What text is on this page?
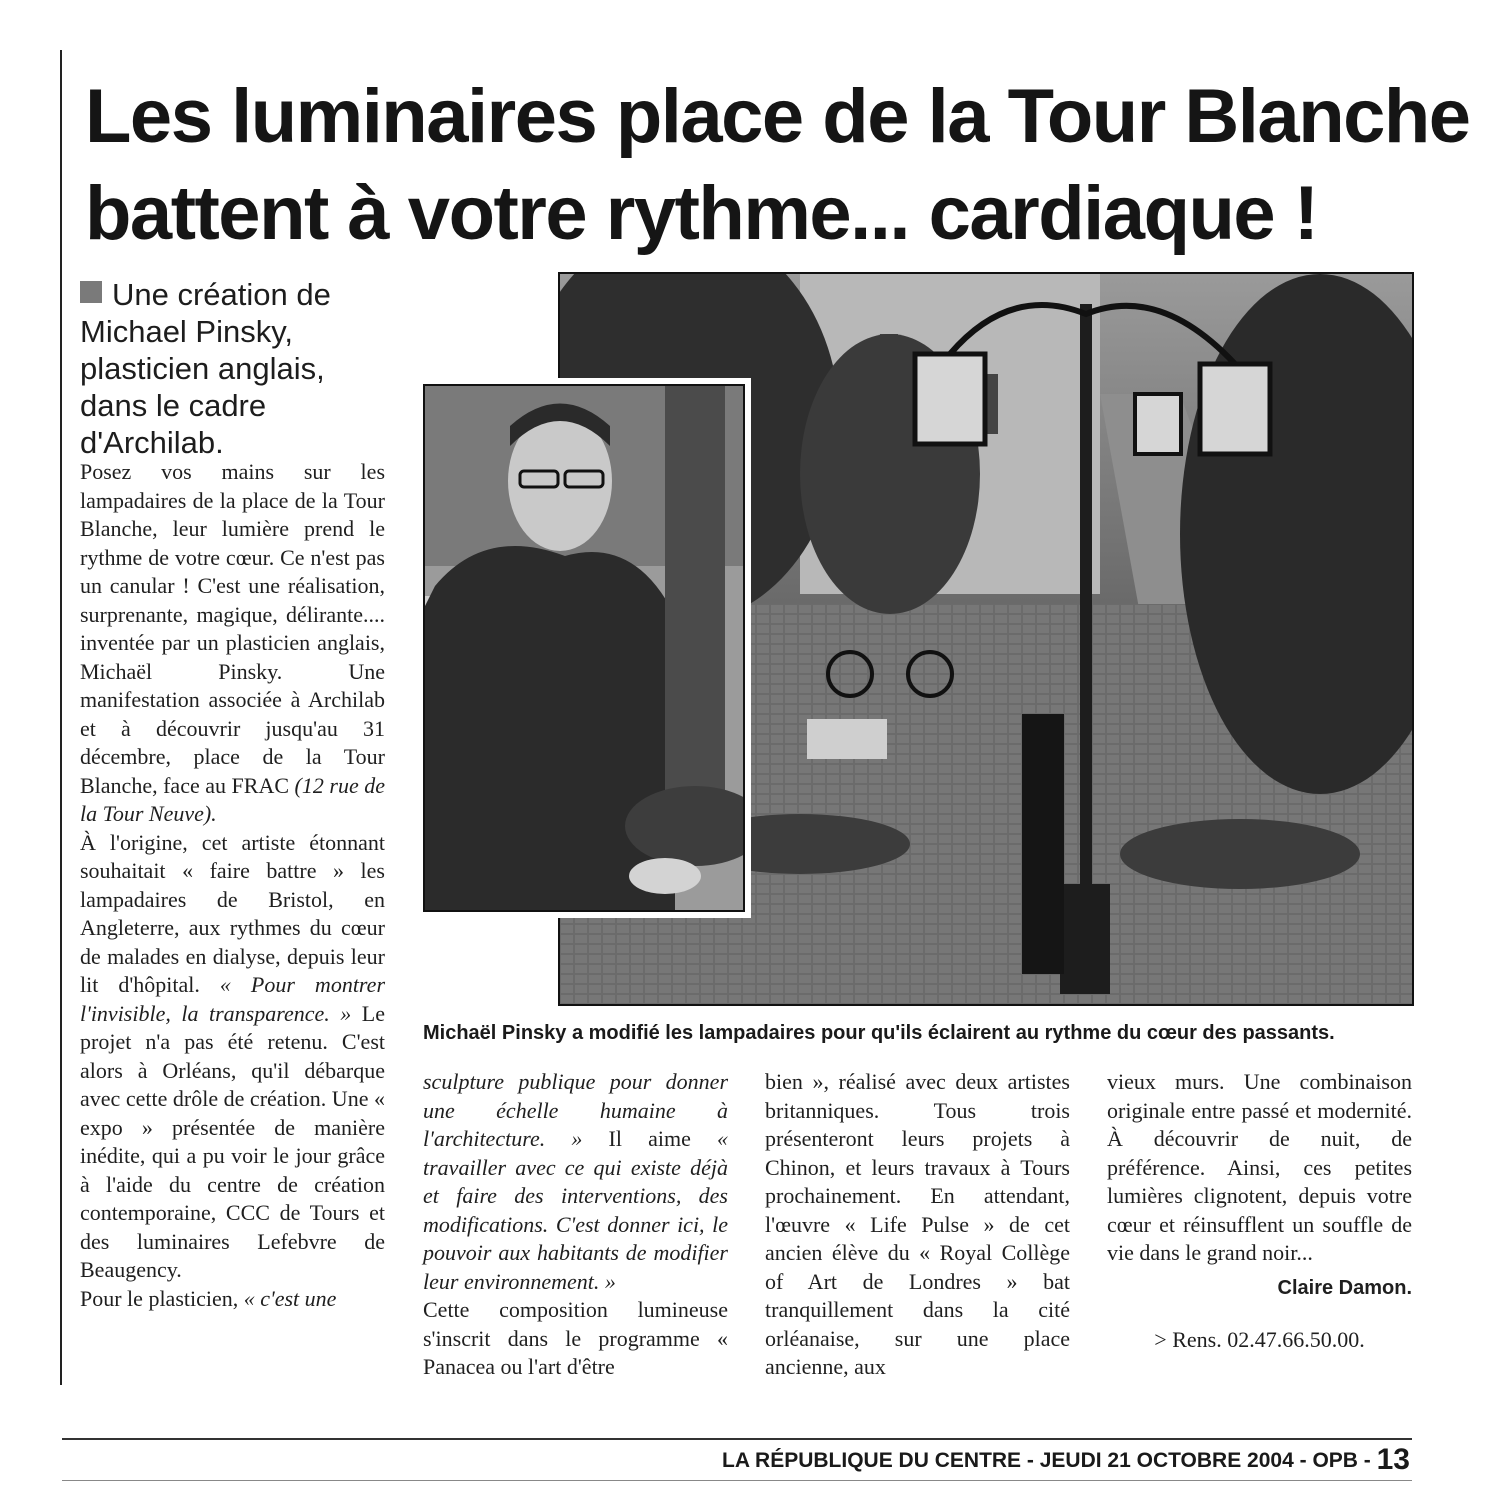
Les luminaires place de la Tour Blanche
battent à votre rythme... cardiaque !
Une création de Michael Pinsky, plasticien anglais, dans le cadre d'Archilab.

Posez vos mains sur les lampadaires de la place de la Tour Blanche, leur lumière prend le rythme de votre cœur. Ce n'est pas un canular ! C'est une réalisation, surprenante, magique, délirante.... inventée par un plasticien anglais, Michaël Pinsky. Une manifestation associée à Archilab et à découvrir jusqu'au 31 décembre, place de la Tour Blanche, face au FRAC (12 rue de la Tour Neuve).

À l'origine, cet artiste étonnant souhaitait « faire battre » les lampadaires de Bristol, en Angleterre, aux rythmes du cœur de malades en dialyse, depuis leur lit d'hôpital. « Pour montrer l'invisible, la transparence. » Le projet n'a pas été retenu. C'est alors à Orléans, qu'il débarque avec cette drôle de création. Une « expo » présentée de manière inédite, qui a pu voir le jour grâce à l'aide du centre de création contemporaine, CCC de Tours et des luminaires Lefebvre de Beaugency.

Pour le plasticien, « c'est une

Michaël Pinsky a modifié les lampadaires pour qu'ils éclairent au rythme du cœur des passants.

sculpture publique pour donner une échelle humaine à l'architecture. » Il aime « travailler avec ce qui existe déjà et faire des interventions, des modifications. C'est donner ici, le pouvoir aux habitants de modifier leur environnement. »

Cette composition lumineuse s'inscrit dans le programme « Panacea ou l'art d'être

bien », réalisé avec deux artistes britanniques. Tous trois présenteront leurs projets à Chinon, et leurs travaux à Tours prochainement. En attendant, l'œuvre « Life Pulse » de cet ancien élève du « Royal Collège of Art de Londres » bat tranquillement dans la cité orléanaise, sur une place ancienne, aux

vieux murs. Une combinaison originale entre passé et modernité. À découvrir de nuit, de préférence. Ainsi, ces petites lumières clignotent, depuis votre cœur et réinsufflent un souffle de vie dans le grand noir...

Claire Damon.
> Rens. 02.47.66.50.00.
LA RÉPUBLIQUE DU CENTRE - JEUDI 21 OCTOBRE 2004 - OPB - 13
